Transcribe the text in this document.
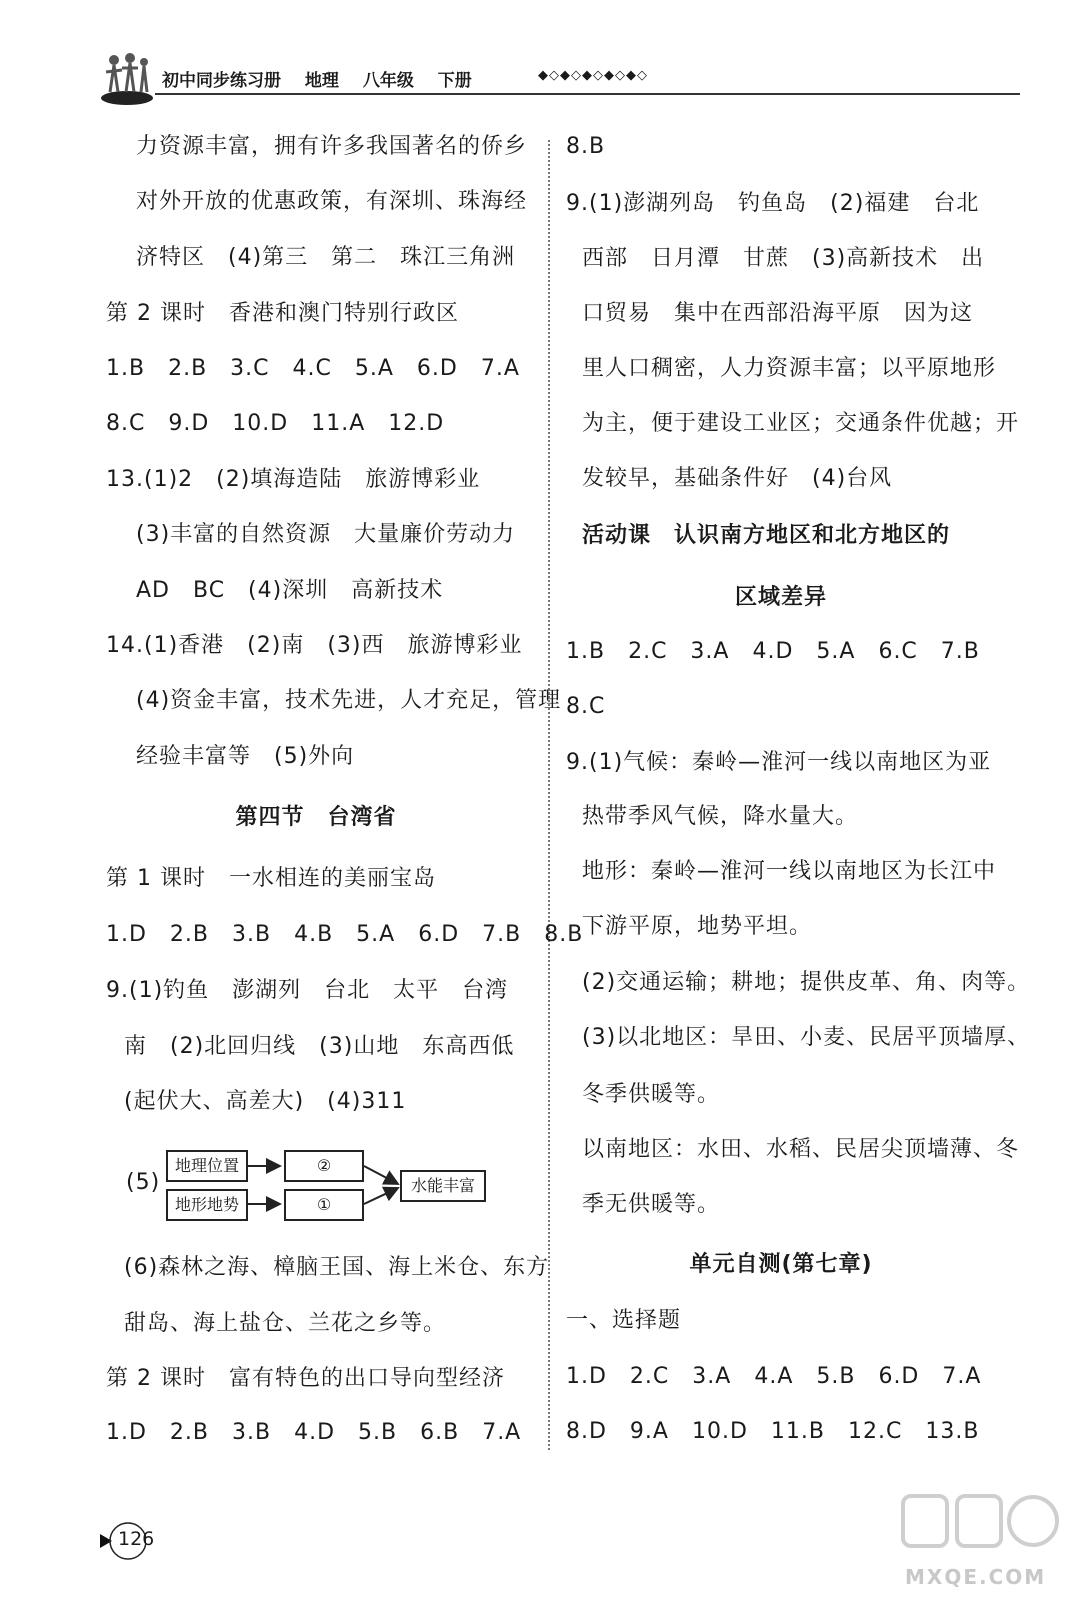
初中同步练习册 地理 八年级 下册	◆◇◆◇◆◇◆◇◆◇
力资源丰富，拥有许多我国著名的侨乡
对外开放的优惠政策，有深圳、珠海经
济特区　(4)第三　第二　珠江三角洲
第 2 课时　香港和澳门特别行政区
1.B　2.B　3.C　4.C　5.A　6.D　7.A
8.C　9.D　10.D　11.A　12.D
13.(1)2　(2)填海造陆　旅游博彩业
(3)丰富的自然资源　大量廉价劳动力
AD　BC　(4)深圳　高新技术
14.(1)香港　(2)南　(3)西　旅游博彩业
(4)资金丰富，技术先进，人才充足，管理
经验丰富等　(5)外向
第四节　台湾省
第 1 课时　一水相连的美丽宝岛
1.D　2.B　3.B　4.B　5.A　6.D　7.B　8.B
9.(1)钓鱼　澎湖列　台北　太平　台湾
南　(2)北回归线　(3)山地　东高西低
(起伏大、高差大)　(4)311
(5)
地理位置
地形地势
②
①
水能丰富
(6)森林之海、樟脑王国、海上米仓、东方
甜岛、海上盐仓、兰花之乡等。
第 2 课时　富有特色的出口导向型经济
1.D　2.B　3.B　4.D　5.B　6.B　7.A
8.B
9.(1)澎湖列岛　钓鱼岛　(2)福建　台北
西部　日月潭　甘蔗　(3)高新技术　出
口贸易　集中在西部沿海平原　因为这
里人口稠密，人力资源丰富；以平原地形
为主，便于建设工业区；交通条件优越；开
发较早，基础条件好　(4)台风
活动课　认识南方地区和北方地区的
区域差异
1.B　2.C　3.A　4.D　5.A　6.C　7.B
8.C
9.(1)气候：秦岭—淮河一线以南地区为亚
热带季风气候，降水量大。
地形：秦岭—淮河一线以南地区为长江中
下游平原，地势平坦。
(2)交通运输；耕地；提供皮革、角、肉等。
(3)以北地区：旱田、小麦、民居平顶墙厚、
冬季供暖等。
以南地区：水田、水稻、民居尖顶墙薄、冬
季无供暖等。
单元自测(第七章)
一、选择题
1.D　2.C　3.A　4.A　5.B　6.D　7.A
8.D　9.A　10.D　11.B　12.C　13.B
126
MXQE.COM
